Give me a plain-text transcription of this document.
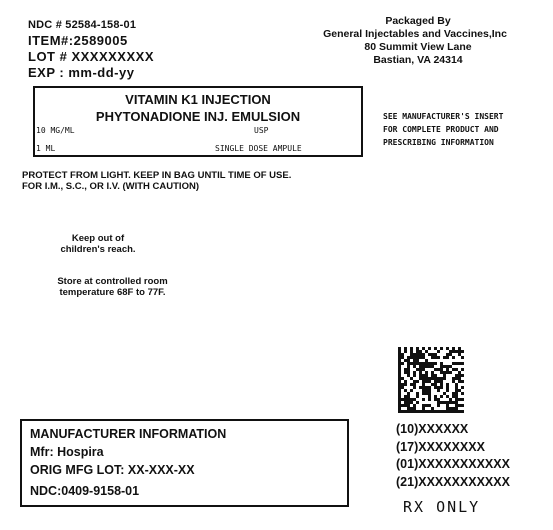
NDC # 52584-158-01
ITEM#:2589005
LOT # XXXXXXXXX
EXP : mm-dd-yy
Packaged By
General Injectables and Vaccines,Inc
80 Summit View Lane
Bastian, VA 24314
VITAMIN K1 INJECTION
PHYTONADIONE INJ. EMULSION
10 MG/ML	USP
1 ML	SINGLE DOSE AMPULE
SEE MANUFACTURER'S INSERT
FOR COMPLETE PRODUCT AND
PRESCRIBING INFORMATION
PROTECT FROM LIGHT. KEEP IN BAG UNTIL TIME OF USE.
FOR I.M., S.C., OR I.V. (WITH CAUTION)
Keep out of
children's reach.
Store at controlled room
temperature 68F to 77F.
MANUFACTURER INFORMATION
Mfr: Hospira
ORIG MFG LOT: XX-XXX-XX
NDC:0409-9158-01
(10)XXXXXX
(17)XXXXXXXX
(01)XXXXXXXXXXX
(21)XXXXXXXXXXX
RX ONLY
